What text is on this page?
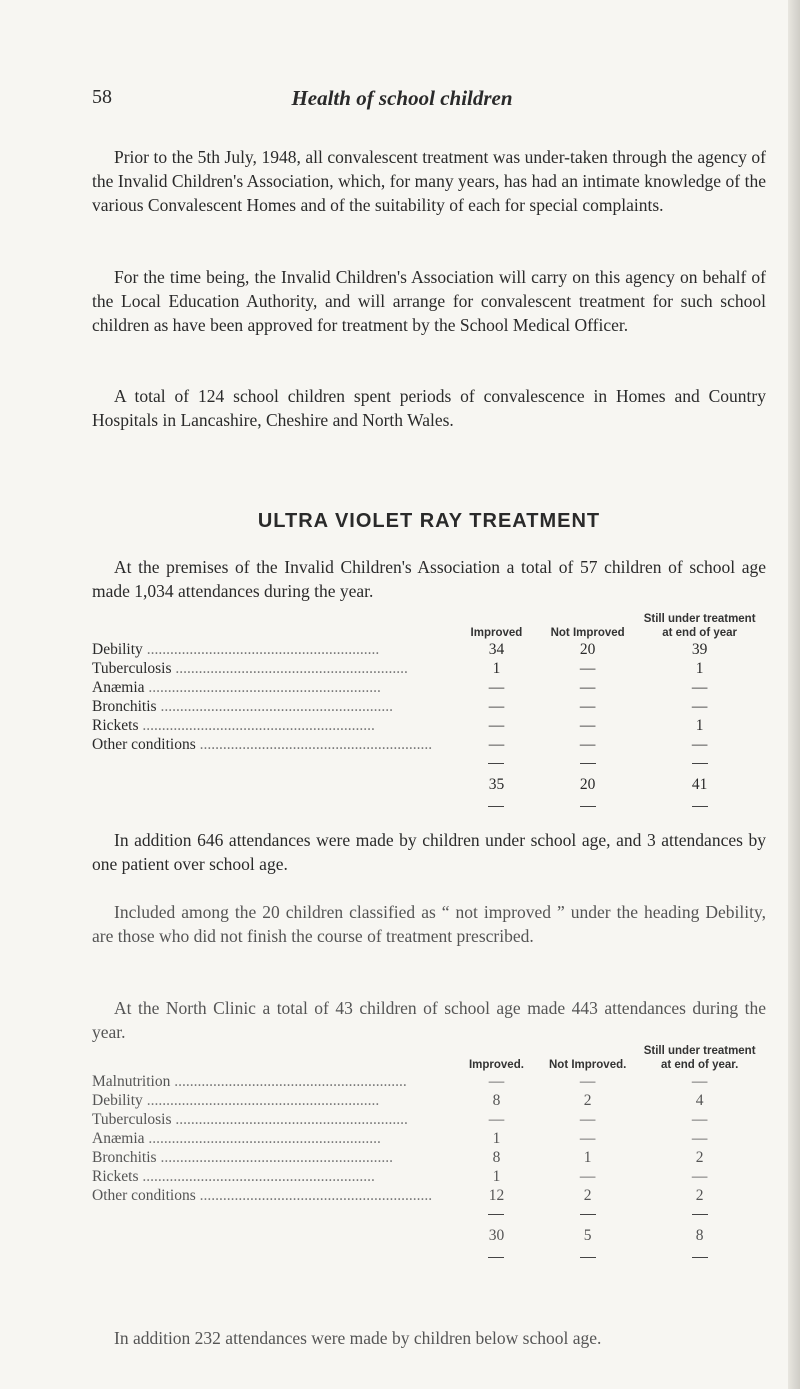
58	Health of school children

Prior to the 5th July, 1948, all convalescent treatment was under-taken through the agency of the Invalid Children's Association, which, for many years, has had an intimate knowledge of the various Convalescent Homes and of the suitability of each for special complaints.

For the time being, the Invalid Children's Association will carry on this agency on behalf of the Local Education Authority, and will arrange for convalescent treatment for such school children as have been approved for treatment by the School Medical Officer.

A total of 124 school children spent periods of convalescence in Homes and Country Hospitals in Lancashire, Cheshire and North Wales.

ULTRA VIOLET RAY TREATMENT

At the premises of the Invalid Children's Association a total of 57 children of school age made 1,034 attendances during the year.

		Improved	Not Improved	Still under treatment at end of year
Debility ............................................................		34	20	39
Tuberculosis ............................................................		1	—	1
Anæmia ............................................................		—	—	—
Bronchitis ............................................................		—	—	—
Rickets ............................................................		—	—	1
Other conditions ............................................................		—	—	—

		35	20	41

In addition 646 attendances were made by children under school age, and 3 attendances by one patient over school age.

Included among the 20 children classified as “ not improved ” under the heading Debility, are those who did not finish the course of treatment prescribed.

At the North Clinic a total of 43 children of school age made 443 attendances during the year.

		Improved.	Not Improved.	Still under treatment at end of year.
Malnutrition ............................................................		—	—	—
Debility ............................................................		8	2	4
Tuberculosis ............................................................		—	—	—
Anæmia ............................................................		1	—	—
Bronchitis ............................................................		8	1	2
Rickets ............................................................		1	—	—
Other conditions ............................................................		12	2	2

		30	5	8

In addition 232 attendances were made by children below school age.
